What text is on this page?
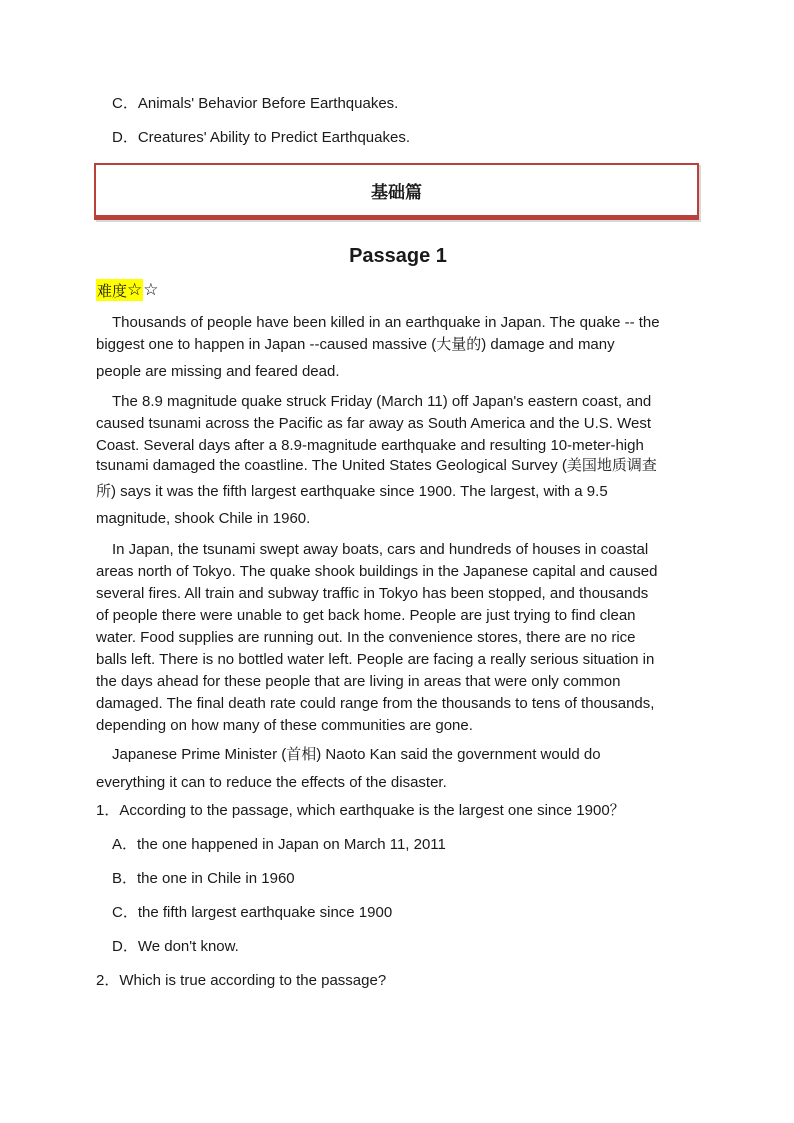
C．Animals' Behavior Before Earthquakes.
D．Creatures' Ability to Predict Earthquakes.
基础篇
Passage 1
难度 ☆ ☆
Thousands of people have been killed in an earthquake in Japan. The quake -- the
biggest one to happen in Japan --caused massive (大量的) damage and many
people are missing and feared dead.
The 8.9 magnitude quake struck Friday (March 11) off Japan's eastern coast, and
caused tsunami across the Pacific as far away as South America and the U.S. West
Coast. Several days after a 8.9-magnitude earthquake and resulting 10-meter-high
tsunami damaged the coastline. The United States Geological Survey (美国地质调查
所) says it was the fifth largest earthquake since 1900. The largest, with a 9.5
magnitude, shook Chile in 1960.
In Japan, the tsunami swept away boats, cars and hundreds of houses in coastal
areas north of Tokyo. The quake shook buildings in the Japanese capital and caused
several fires. All train and subway traffic in Tokyo has been stopped, and thousands
of people there were unable to get back home. People are just trying to find clean
water. Food supplies are running out. In the convenience stores, there are no rice
balls left. There is no bottled water left. People are facing a really serious situation in
the days ahead for these people that are living in areas that were only common
damaged. The final death rate could range from the thousands to tens of thousands,
depending on how many of these communities are gone.
Japanese Prime Minister (首相) Naoto Kan said the government would do
everything it can to reduce the effects of the disaster.
1．According to the passage, which earthquake is the largest one since 1900？
A．the one happened in Japan on March 11, 2011
B．the one in Chile in 1960
C．the fifth largest earthquake since 1900
D．We don't know.
2．Which is true according to the passage?
